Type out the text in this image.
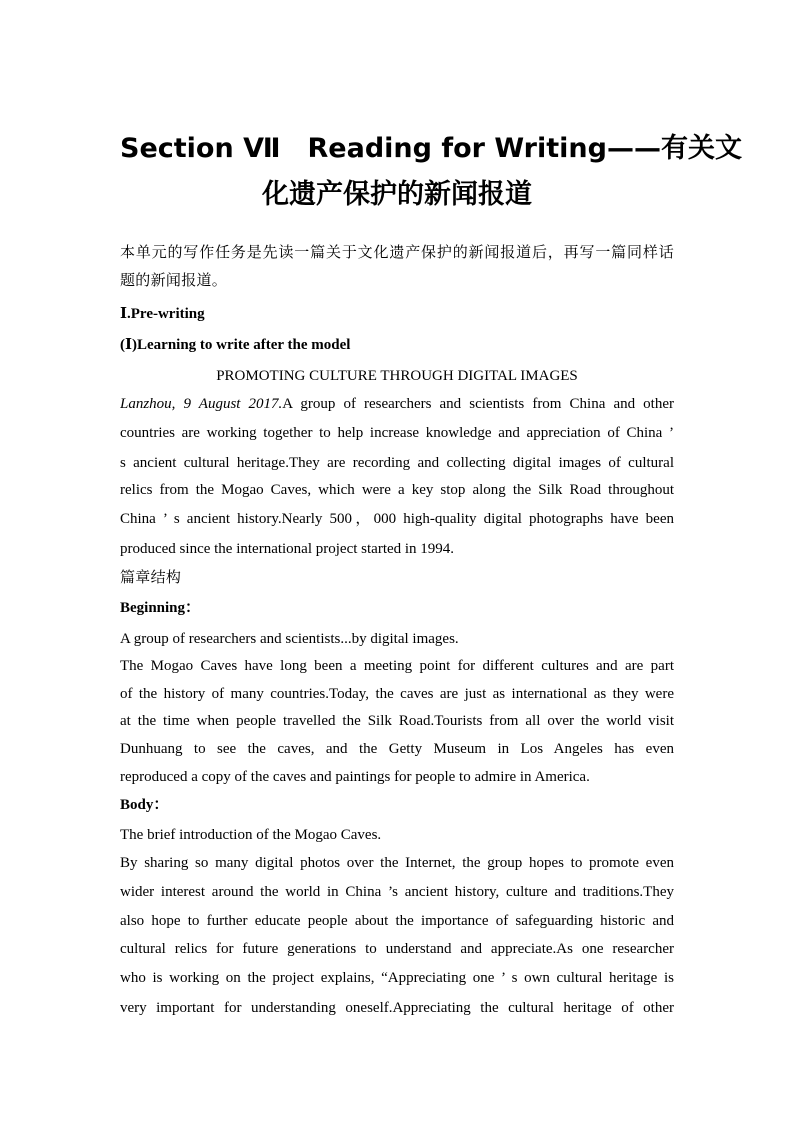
Section Ⅶ　Reading for Writing——有关文
化遗产保护的新闻报道
本单元的写作任务是先读一篇关于文化遗产保护的新闻报道后，再写一篇同样话
题的新闻报道。
Ⅰ.Pre-writing
(Ⅰ)Learning to write after the model
PROMOTING CULTURE THROUGH DIGITAL IMAGES
Lanzhou, 9 August 2017.A group of researchers and scientists from China and other
countries are working together to help increase knowledge and appreciation of China ’
s ancient cultural heritage.They are recording and collecting digital images of cultural
relics from the Mogao Caves, which were a key stop along the Silk Road throughout
China ’ s ancient history.Nearly 500，000 high-quality digital photographs have been
produced since the international project started in 1994.
篇章结构
Beginning：
A group of researchers and scientists...by digital images.
The Mogao Caves have long been a meeting point for different cultures and are part
of the history of many countries.Today, the caves are just as international as they were
at the time when people travelled the Silk Road.Tourists from all over the world visit
Dunhuang to see the caves, and the Getty Museum in Los Angeles has even
reproduced a copy of the caves and paintings for people to admire in America.
Body：
The brief introduction of the Mogao Caves.
By sharing so many digital photos over the Internet, the group hopes to promote even
wider interest around the world in China ’s ancient history, culture and traditions.They
also hope to further educate people about the importance of safeguarding historic and
cultural relics for future generations to understand and appreciate.As one researcher
who is working on the project explains, “Appreciating one ’ s own cultural heritage is
very important for understanding oneself.Appreciating the cultural heritage of other
